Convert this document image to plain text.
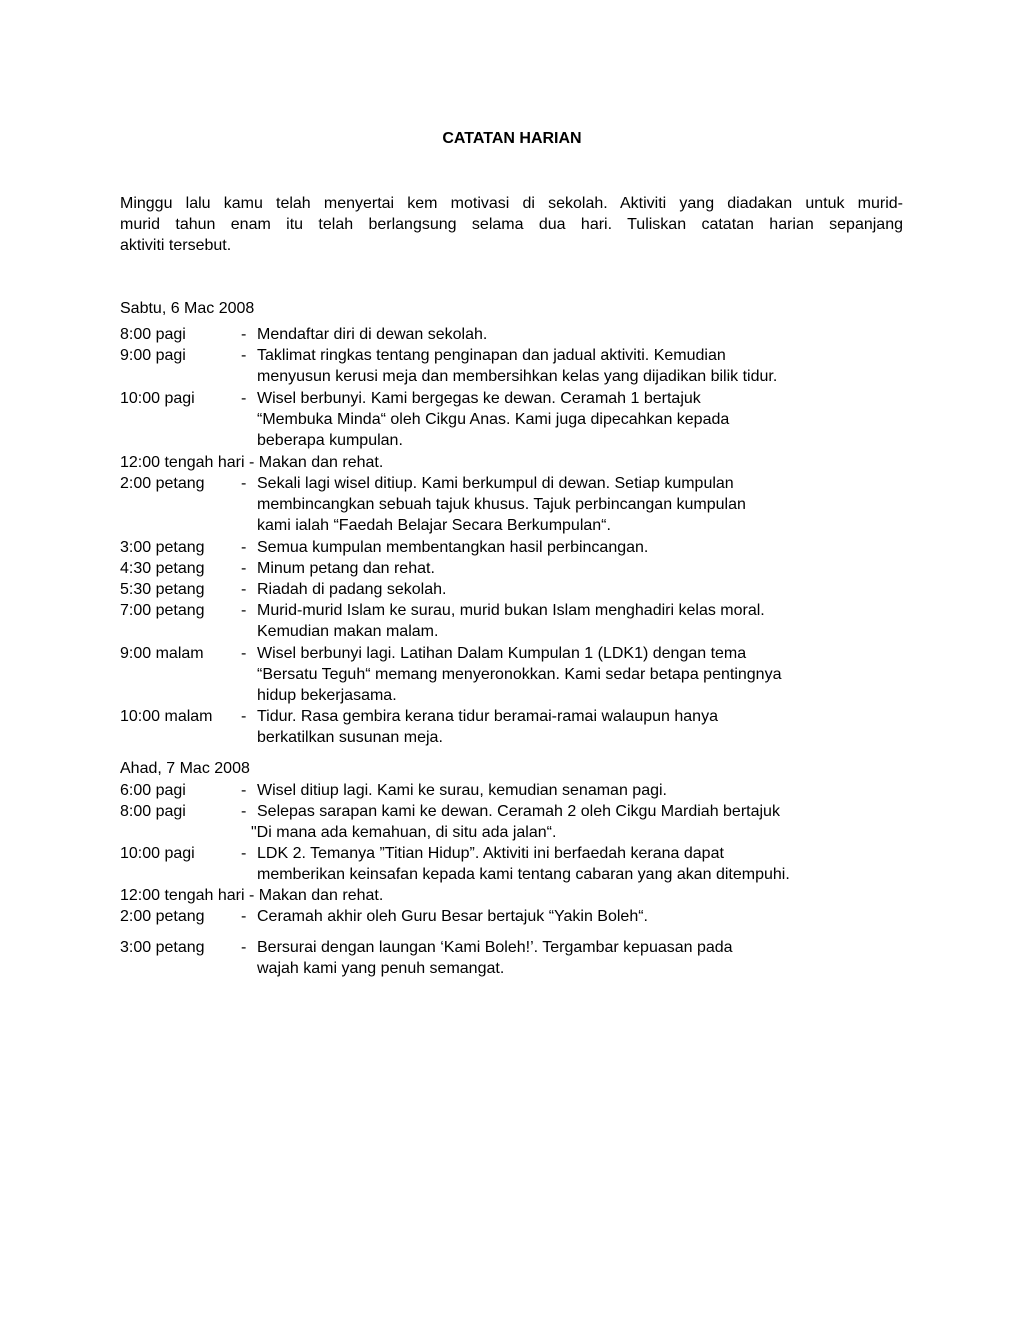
CATATAN HARIAN
Minggu lalu kamu telah menyertai kem motivasi di sekolah. Aktiviti yang diadakan untuk murid-
murid tahun enam itu telah berlangsung selama dua hari. Tuliskan catatan harian sepanjang
aktiviti tersebut.
Sabtu, 6 Mac 2008
8:00 pagi	- Mendaftar diri di dewan sekolah.
9:00 pagi	- Taklimat ringkas tentang penginapan dan jadual aktiviti. Kemudian
menyusun kerusi meja dan membersihkan kelas yang dijadikan bilik tidur.
10:00 pagi	- Wisel berbunyi. Kami bergegas ke dewan. Ceramah 1 bertajuk
“Membuka Minda“ oleh Cikgu Anas. Kami juga dipecahkan kepada
beberapa kumpulan.
12:00 tengah hari - Makan dan rehat.
2:00 petang - Sekali lagi wisel ditiup. Kami berkumpul di dewan. Setiap kumpulan
membincangkan sebuah tajuk khusus. Tajuk perbincangan kumpulan
kami ialah “Faedah Belajar Secara Berkumpulan“.
3:00 petang - Semua kumpulan membentangkan hasil perbincangan.
4:30 petang - Minum petang dan rehat.
5:30 petang - Riadah di padang sekolah.
7:00 petang - Murid-murid Islam ke surau, murid bukan Islam menghadiri kelas moral.
Kemudian makan malam.
9:00 malam - Wisel berbunyi lagi. Latihan Dalam Kumpulan 1 (LDK1) dengan tema
“Bersatu Teguh“ memang menyeronokkan. Kami sedar betapa pentingnya
hidup bekerjasama.
10:00 malam - Tidur. Rasa gembira kerana tidur beramai-ramai walaupun hanya
berkatilkan susunan meja.
Ahad, 7 Mac 2008
6:00 pagi	- Wisel ditiup lagi. Kami ke surau, kemudian senaman pagi.
8:00 pagi	- Selepas sarapan kami ke dewan. Ceramah 2 oleh Cikgu Mardiah bertajuk
"Di mana ada kemahuan, di situ ada jalan“.
10:00 pagi	- LDK 2. Temanya ”Titian Hidup”. Aktiviti ini berfaedah kerana dapat
memberikan keinsafan kepada kami tentang cabaran yang akan ditempuhi.
12:00 tengah hari - Makan dan rehat.
2:00 petang - Ceramah akhir oleh Guru Besar bertajuk “Yakin Boleh“.
3:00 petang - Bersurai dengan laungan ‘Kami Boleh!’. Tergambar kepuasan pada
wajah kami yang penuh semangat.
